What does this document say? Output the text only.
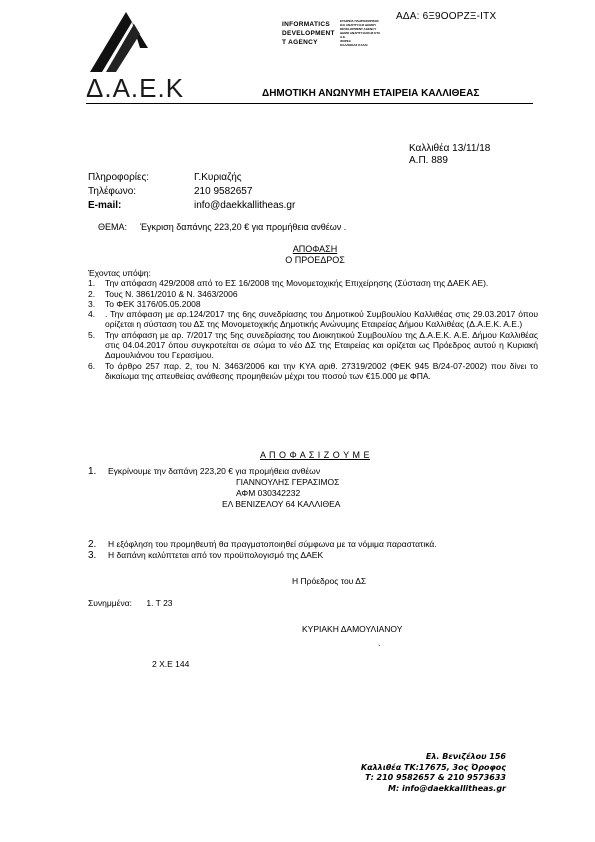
ΑΔΑ: 6Ξ9ΟΟΡΖΞ-ΙΤΧ
INFORMATICS
DEVELOPMENT
T AGENCY
ΕΤΑΙΡΕΙΑ ΠΛΗΡΟΦΟΡΙΚΗΣ
ΚΑΙ ΑΝΑΠΤΥΞΗΣ ΔΗΜΟΥ
DEVELOPMENT AGENCY
ΔΗΜΟ ΑΝΑΠΤΥΞΙΑΚΗΣ ΕΤΑ
Α.Ε.
ΦΟΡΕΑ
ΚΑΛΛΙΘΕΑΣ ΚΑΛΛΙ
Δ.Α.Ε.Κ	ΔΗΜΟΤΙΚΗ ΑΝΩΝΥΜΗ ΕΤΑΙΡΕΙΑ ΚΑΛΛΙΘΕΑΣ
Καλλιθέα 13/11/18
Α.Π. 889
Πληροφορίες:	Γ.Κυριαζής
Τηλέφωνο:	210 9582657
E-mail:	info@daekkallitheas.gr
ΘΕΜΑ: Έγκριση δαπάνης 223,20 € για προμήθεια ανθέων .
ΑΠΟΦΑΣΗ
Ο ΠΡΟΕΔΡΟΣ
Έχοντας υπόψη:
1.	Την απόφαση 429/2008 από το ΕΣ 16/2008 της Μονομετοχικής Επιχείρησης (Σύσταση της ΔΑΕΚ ΑΕ).
2.	Τους Ν. 3861/2010 & Ν. 3463/2006
3.	Το ΦΕΚ 3176/05.05.2008
4.	. Την απόφαση με αρ.124/2017 της 6ης συνεδρίασης του Δημοτικού Συμβουλίου Καλλιθέας στις 29.03.2017 όπου ορίζεται η σύσταση του ΔΣ της Μονομετοχικής Δημοτικής Ανώνυμης Εταιρείας Δήμου Καλλιθέας (Δ.Α.Ε.Κ. Α.Ε.)
5.	Την απόφαση με αρ. 7/2017 της 5ης συνεδρίασης του Διοικητικού Συμβουλίου της Δ.Α.Ε.Κ. Α.Ε. Δήμου Καλλιθέας στις 04.04.2017 όπου συγκροτείται σε σώμα το νέο ΔΣ της Εταιρείας και ορίζεται ως Πρόεδρος αυτού η Κυριακή Δαμουλιάνου του Γερασίμου.
6.	Το άρθρο 257 παρ. 2, του Ν. 3463/2006 και την ΚΥΑ αριθ. 27319/2002 (ΦΕΚ 945 Β/24-07-2002) που δίνει το δικαίωμα της απευθείας ανάθεσης προμηθειών μέχρι του ποσού των €15.000 με ΦΠΑ.
Α Π Ο Φ Α Σ Ι Ζ Ο Υ Μ Ε
1.	Εγκρίνουμε την δαπάνη 223,20 € για προμήθεια ανθέων
ΓΙΑΝΝΟΥΛΗΣ ΓΕΡΑΣΙΜΟΣ
ΑΦΜ 030342232
ΕΛ ΒΕΝΙΖΕΛΟΥ 64 ΚΑΛΛΙΘΕΑ
2.	Η εξόφληση του προμηθευτή θα πραγματοποιηθεί σύμφωνα με τα νόμιμα παραστατικά.
3.	Η δαπάνη καλύπτεται από τον προϋπολογισμό της ΔΑΕΚ
Η Πρόεδρος του ΔΣ
Συνημμένα: 1. Τ 23
ΚΥΡΙΑΚΗ ΔΑΜΟΥΛΙΑΝΟΥ
`
2 Χ.Ε 144
Ελ. Βενιζέλου 156
Καλλιθέα ΤΚ:17675, 3ος Όροφος
Τ: 210 9582657 & 210 9573633
M: info@daekkallitheas.gr
